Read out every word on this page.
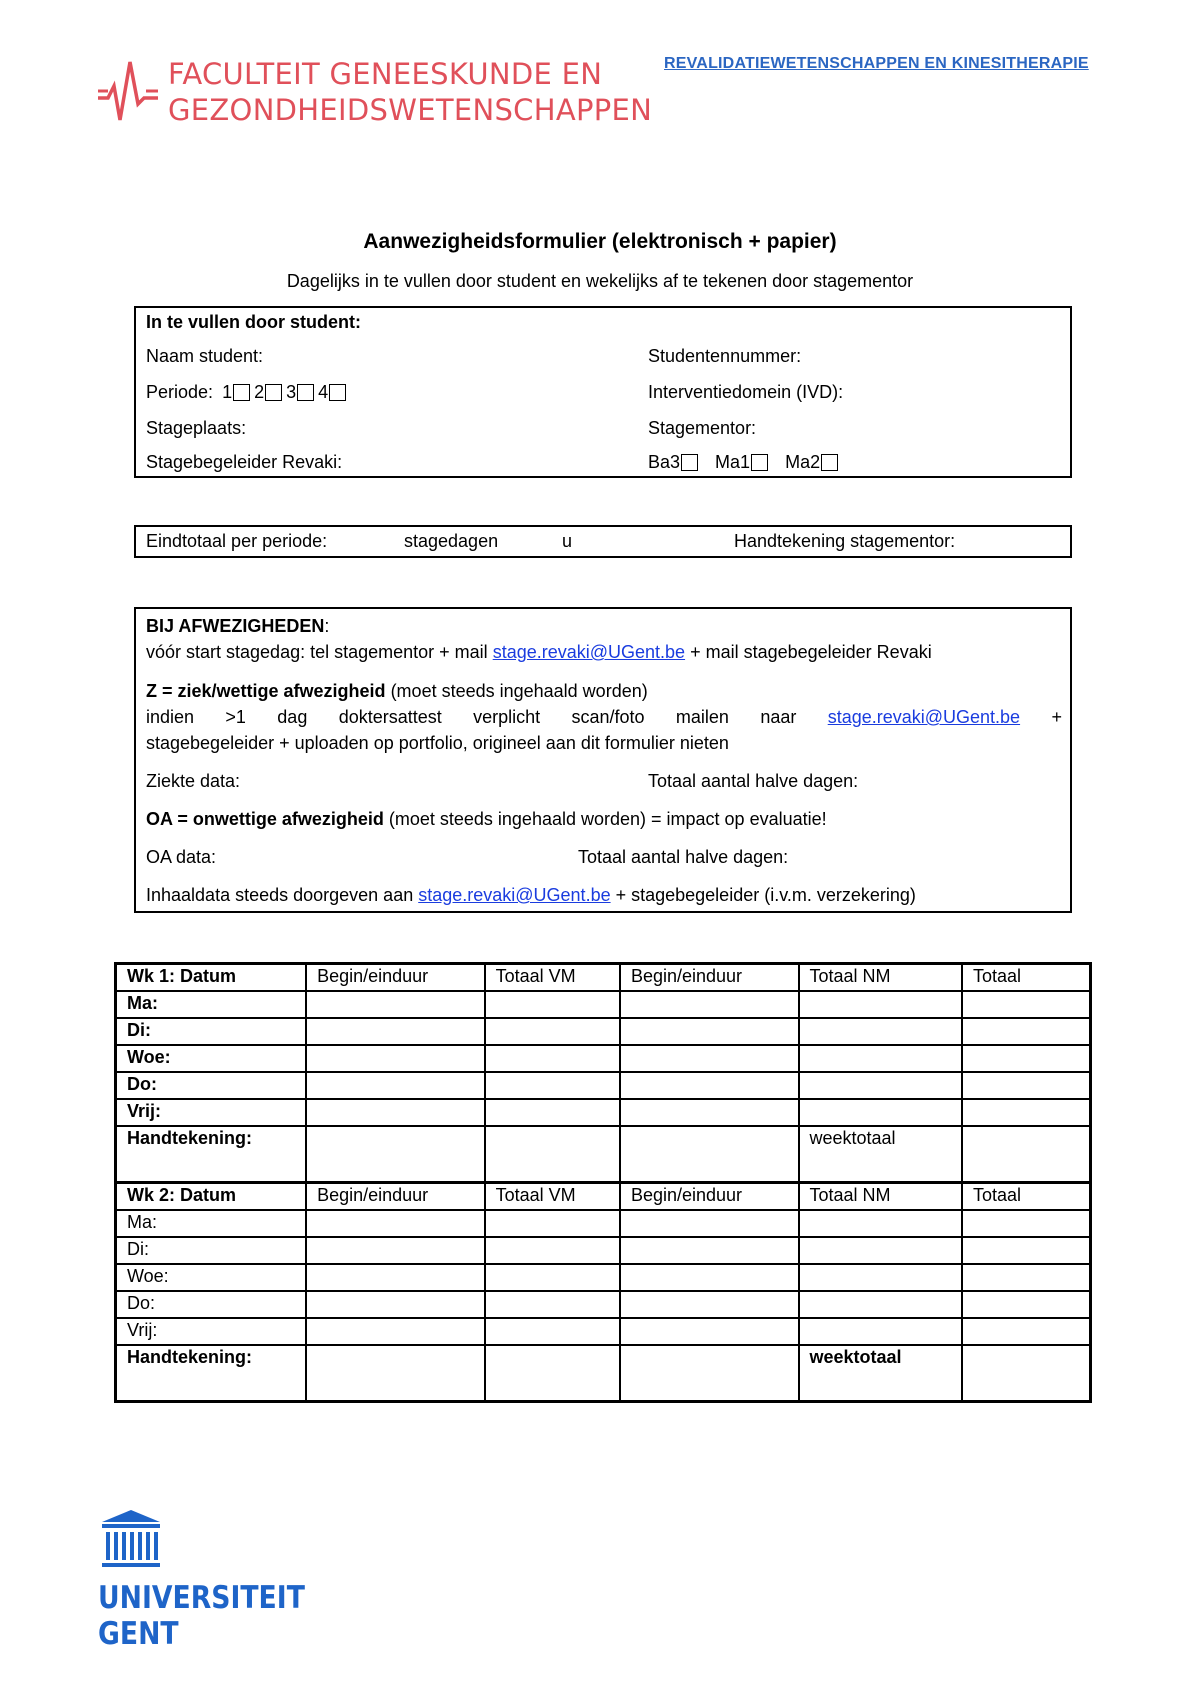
FACULTEIT GENEESKUNDE EN
GEZONDHEIDSWETENSCHAPPEN
REVALIDATIEWETENSCHAPPEN EN KINESITHERAPIE
Aanwezigheidsformulier (elektronisch + papier)
Dagelijks in te vullen door student en wekelijks af te tekenen door stagementor
In te vullen door student:
Naam student:	Studentennummer:
Periode: 1 2 3 4	Interventiedomein (IVD):
Stageplaats:	Stagementor:
Stagebegeleider Revaki:	Ba3 Ma1 Ma2
Eindtotaal per periode:	stagedagen	u	Handtekening stagementor:
BIJ AFWEZIGHEDEN:
vóór start stagedag: tel stagementor + mail stage.revaki@UGent.be + mail stagebegeleider Revaki
Z = ziek/wettige afwezigheid (moet steeds ingehaald worden)
indien >1 dag doktersattest verplicht scan/foto mailen naar stage.revaki@UGent.be +
stagebegeleider + uploaden op portfolio, origineel aan dit formulier nieten
Ziekte data:	Totaal aantal halve dagen:
OA = onwettige afwezigheid (moet steeds ingehaald worden) = impact op evaluatie!
OA data:	Totaal aantal halve dagen:
Inhaaldata steeds doorgeven aan stage.revaki@UGent.be + stagebegeleider (i.v.m. verzekering)
Wk 1: Datum	Begin/einduur	Totaal VM	Begin/einduur	Totaal NM	Totaal
Ma:					
Di:					
Woe:					
Do:					
Vrij:					
Handtekening:				weektotaal	
Wk 2: Datum	Begin/einduur	Totaal VM	Begin/einduur	Totaal NM	Totaal
Ma:					
Di:					
Woe:					
Do:					
Vrij:					
Handtekening:				weektotaal	
UNIVERSITEIT
GENT
